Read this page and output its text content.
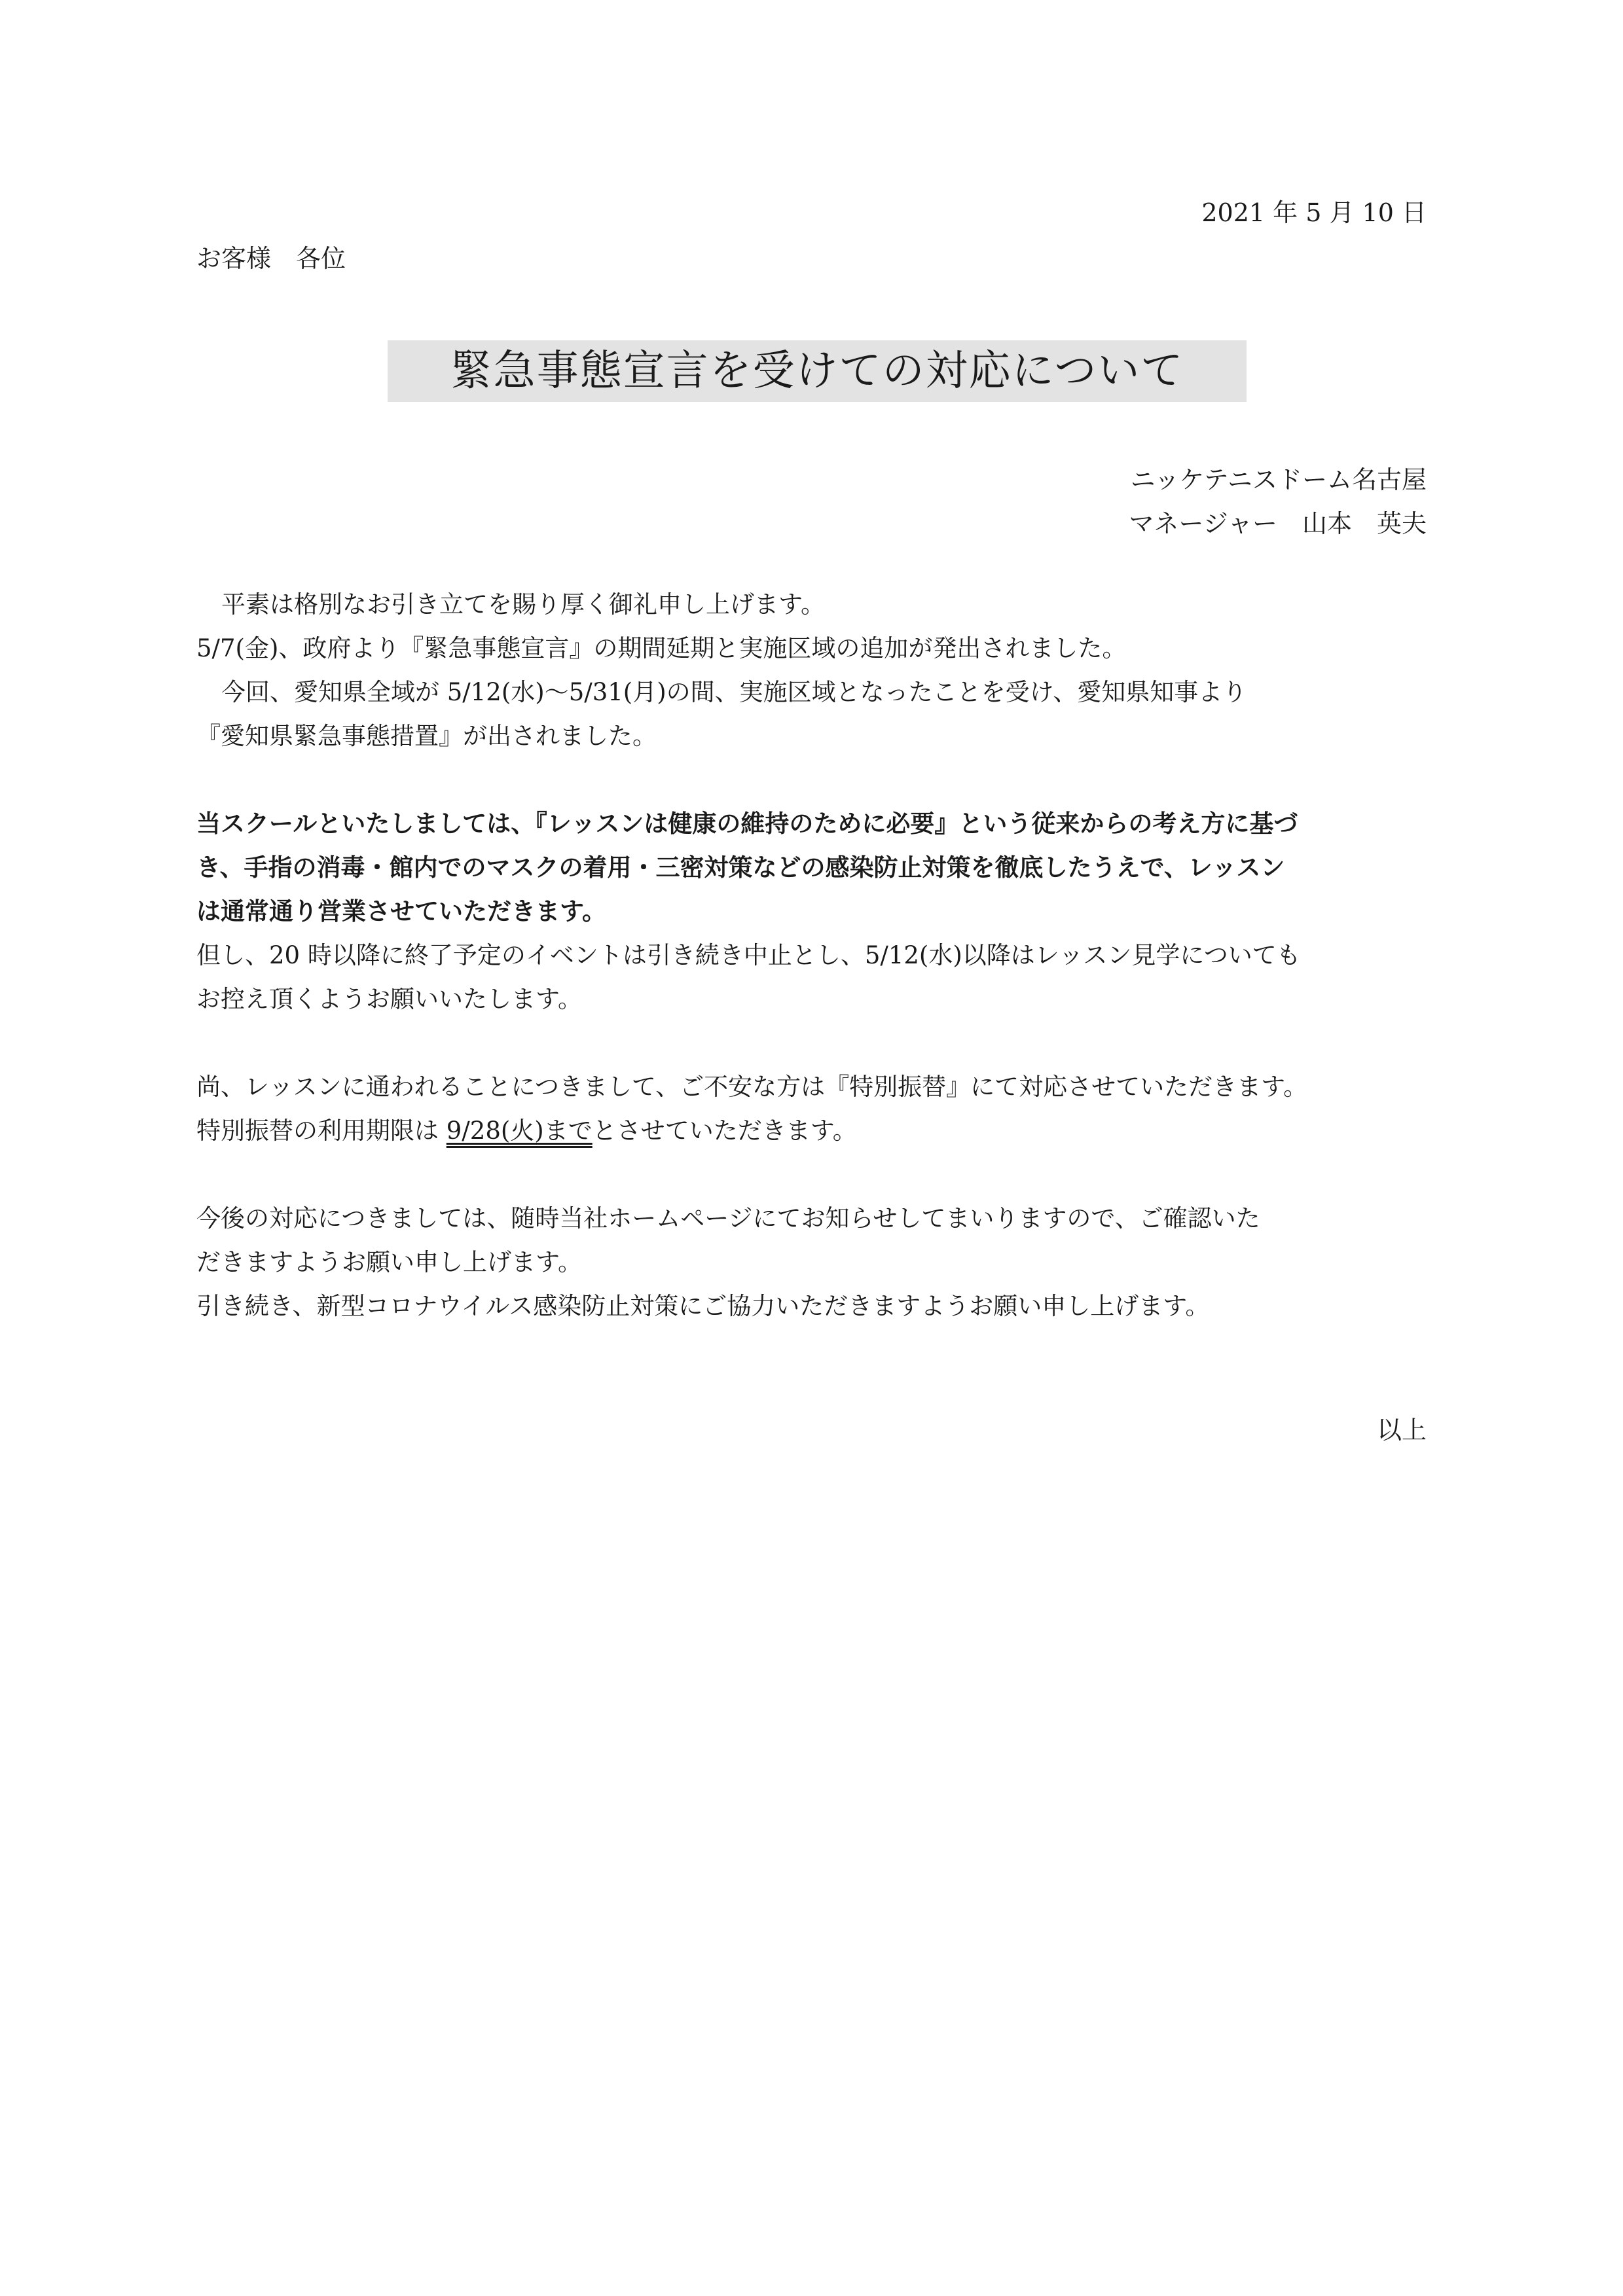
2021 年 5 月 10 日
お客様　各位
緊急事態宣言を受けての対応について
ニッケテニスドーム名古屋
マネージャー　山本　英夫
平素は格別なお引き立てを賜り厚く御礼申し上げます。
5/7(金)、政府より『緊急事態宣言』の期間延期と実施区域の追加が発出されました。
今回、愛知県全域が 5/12(水)～5/31(月)の間、実施区域となったことを受け、愛知県知事より
『愛知県緊急事態措置』が出されました。
当スクールといたしましては、『レッスンは健康の維持のために必要』という従来からの考え方に基づ
き、手指の消毒・館内でのマスクの着用・三密対策などの感染防止対策を徹底したうえで、レッスン
は通常通り営業させていただきます。
但し、20 時以降に終了予定のイベントは引き続き中止とし、5/12(水)以降はレッスン見学についても
お控え頂くようお願いいたします。
尚、レッスンに通われることにつきまして、ご不安な方は『特別振替』にて対応させていただきます。
特別振替の利用期限は 9/28(火)までとさせていただきます。
今後の対応につきましては、随時当社ホームページにてお知らせしてまいりますので、ご確認いた
だきますようお願い申し上げます。
引き続き、新型コロナウイルス感染防止対策にご協力いただきますようお願い申し上げます。
以上
